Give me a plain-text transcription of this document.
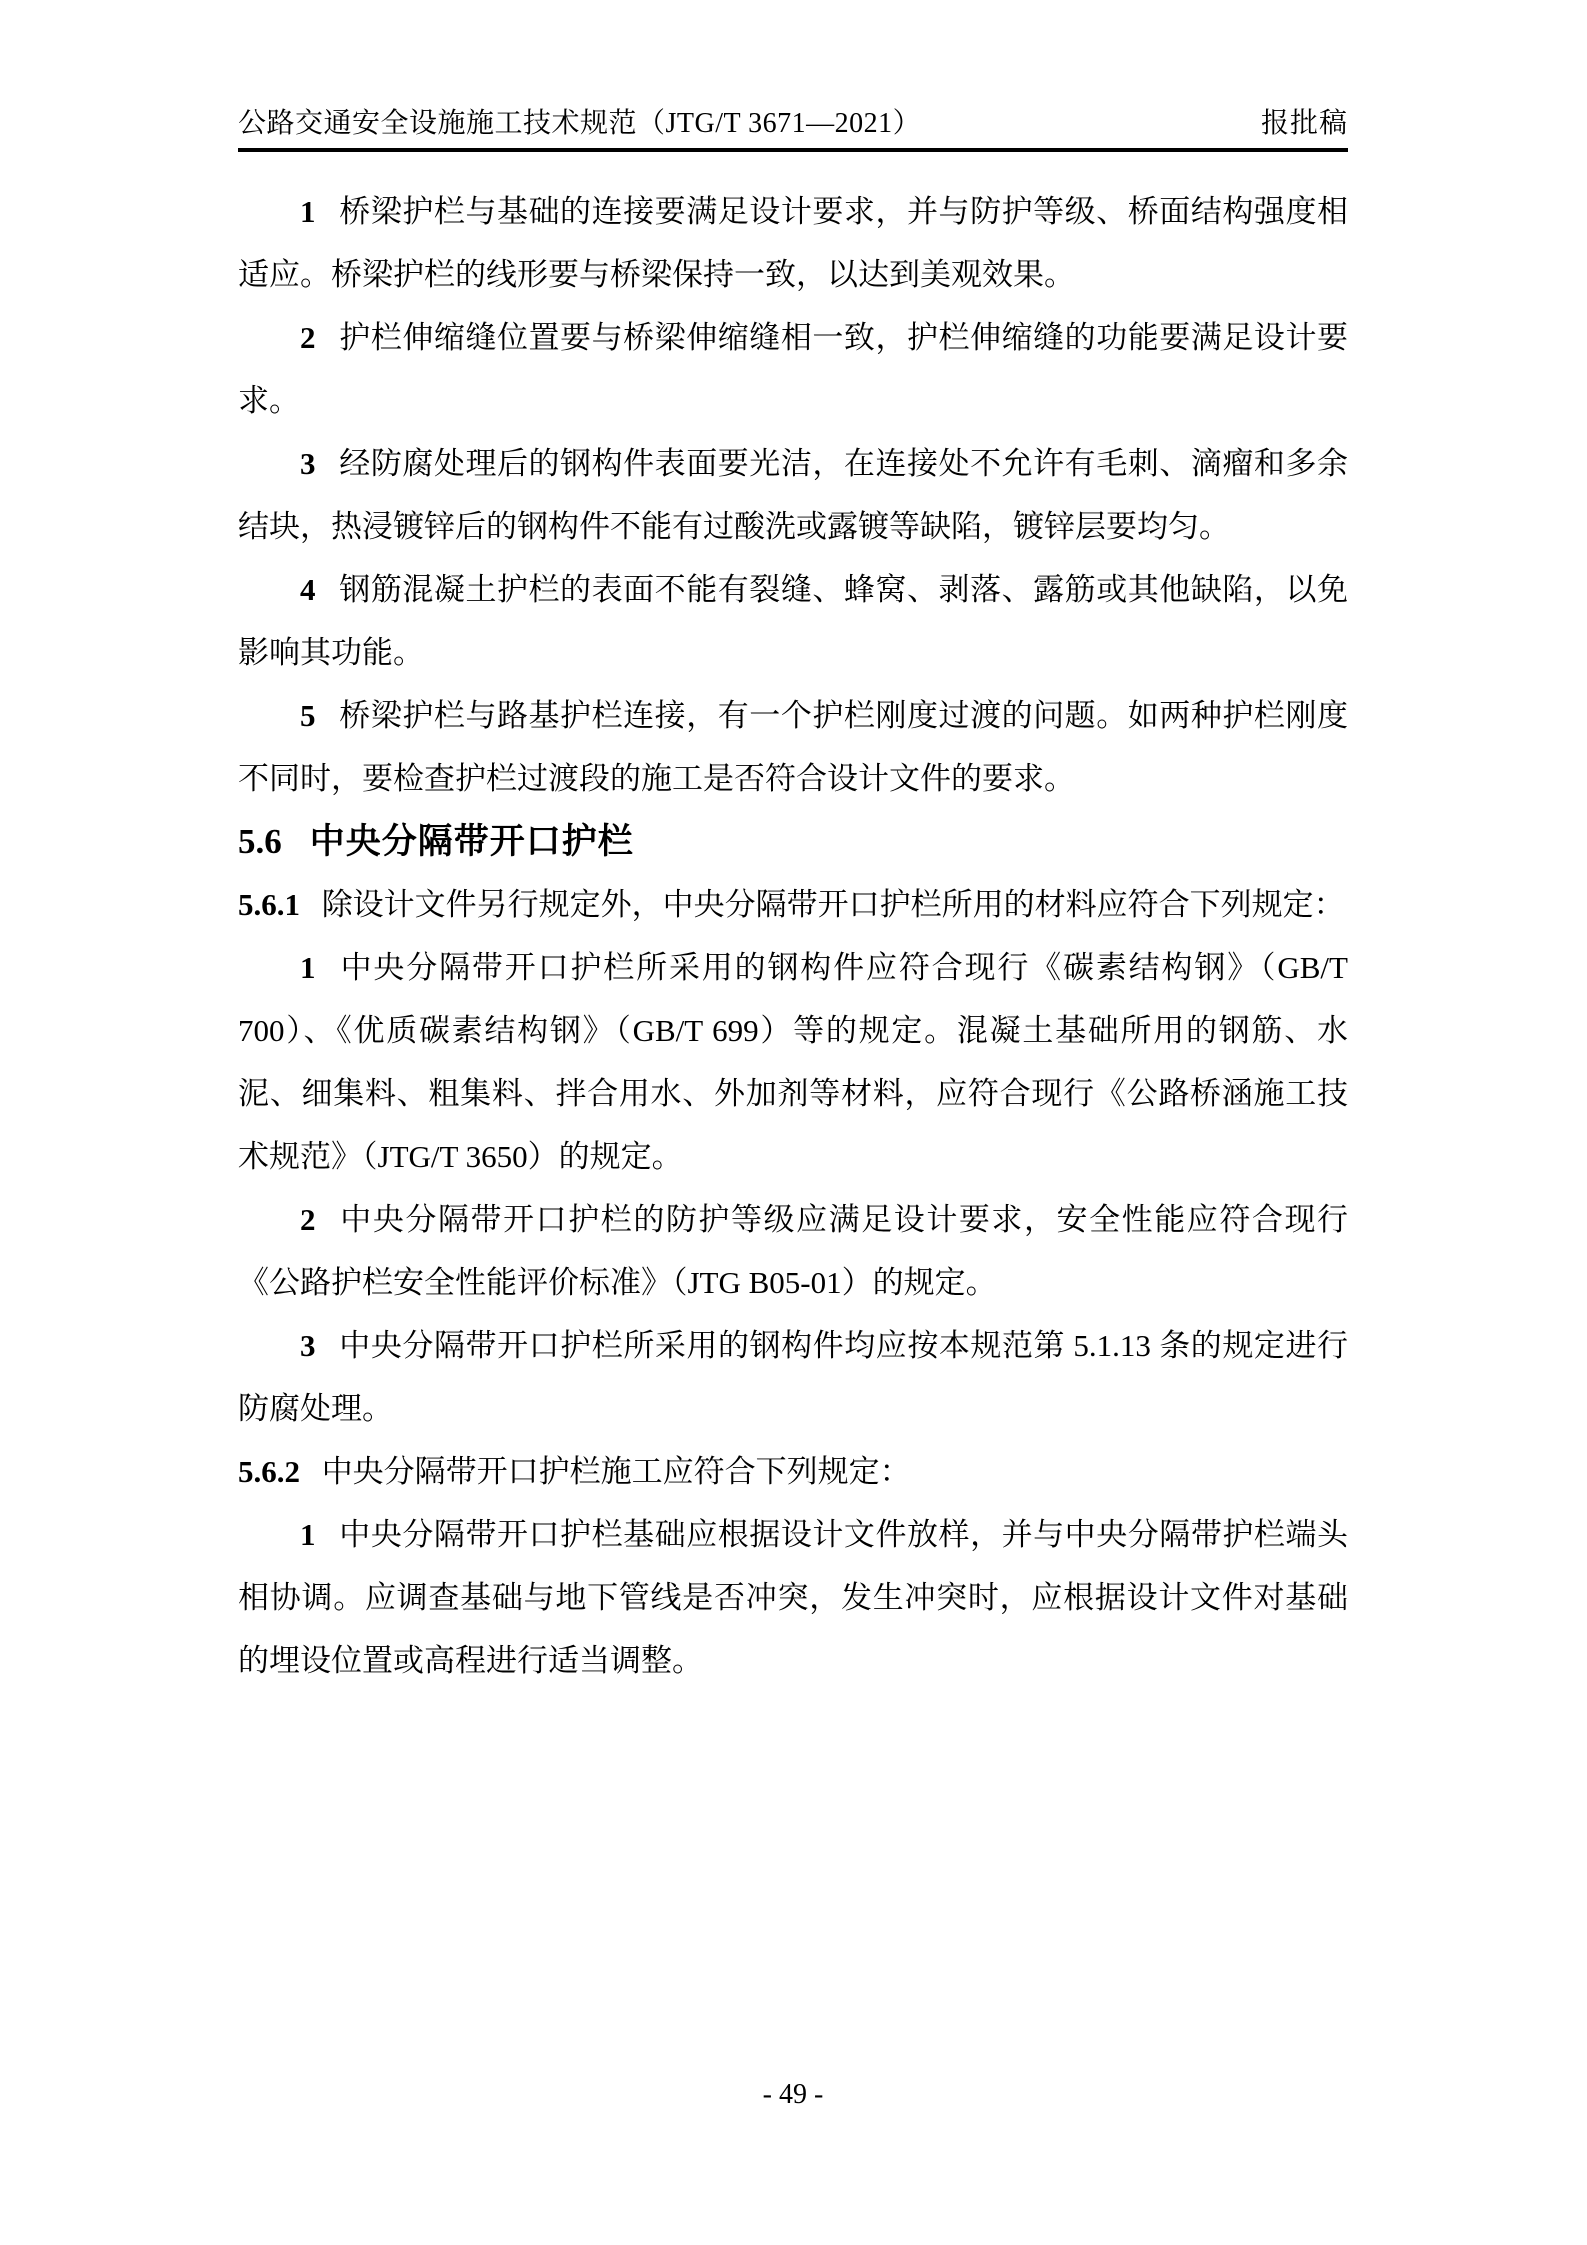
公路交通安全设施施工技术规范（JTG/T 3671—2021）	报批稿

1 桥梁护栏与基础的连接要满足设计要求，并与防护等级、桥面结构强度相适应。桥梁护栏的线形要与桥梁保持一致，以达到美观效果。

2 护栏伸缩缝位置要与桥梁伸缩缝相一致，护栏伸缩缝的功能要满足设计要求。

3 经防腐处理后的钢构件表面要光洁，在连接处不允许有毛刺、滴瘤和多余结块，热浸镀锌后的钢构件不能有过酸洗或露镀等缺陷，镀锌层要均匀。

4 钢筋混凝土护栏的表面不能有裂缝、蜂窝、剥落、露筋或其他缺陷，以免影响其功能。

5 桥梁护栏与路基护栏连接，有一个护栏刚度过渡的问题。如两种护栏刚度不同时，要检查护栏过渡段的施工是否符合设计文件的要求。

5.6 中央分隔带开口护栏

5.6.1 除设计文件另行规定外，中央分隔带开口护栏所用的材料应符合下列规定：

1 中央分隔带开口护栏所采用的钢构件应符合现行《碳素结构钢》（GB/T 700）、《优质碳素结构钢》（GB/T 699）等的规定。混凝土基础所用的钢筋、水泥、细集料、粗集料、拌合用水、外加剂等材料，应符合现行《公路桥涵施工技术规范》（JTG/T 3650）的规定。

2 中央分隔带开口护栏的防护等级应满足设计要求，安全性能应符合现行《公路护栏安全性能评价标准》（JTG B05-01）的规定。

3 中央分隔带开口护栏所采用的钢构件均应按本规范第 5.1.13 条的规定进行防腐处理。

5.6.2 中央分隔带开口护栏施工应符合下列规定：

1 中央分隔带开口护栏基础应根据设计文件放样，并与中央分隔带护栏端头相协调。应调查基础与地下管线是否冲突，发生冲突时，应根据设计文件对基础的埋设位置或高程进行适当调整。

- 49 -
